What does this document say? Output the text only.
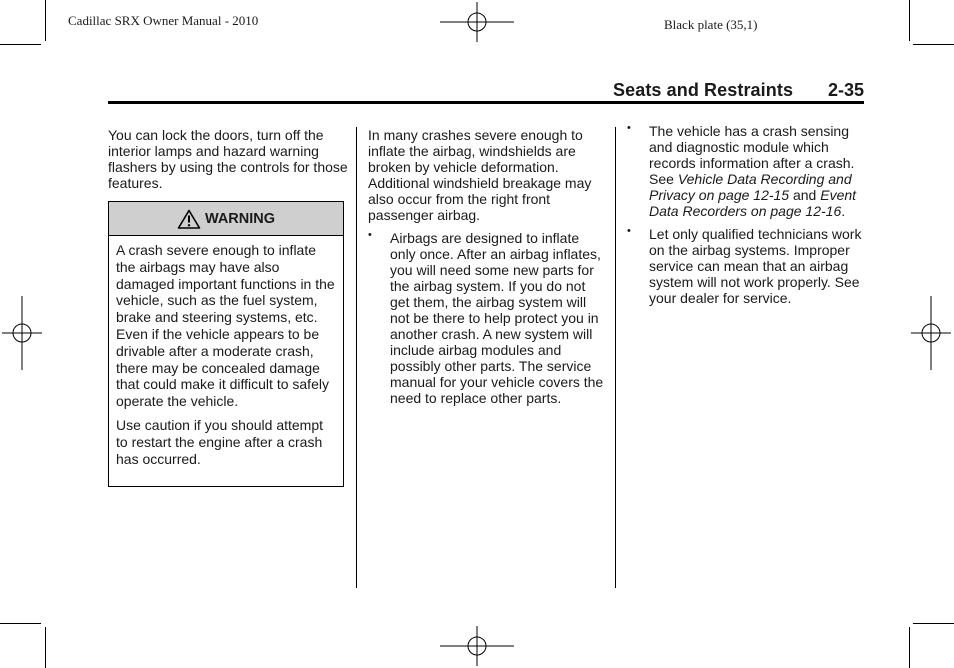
Cadillac SRX Owner Manual - 2010	Black plate (35,1)
Seats and Restraints 2-35

You can lock the doors, turn off the interior lamps and hazard warning flashers by using the controls for those features.

WARNING

A crash severe enough to inflate the airbags may have also damaged important functions in the vehicle, such as the fuel system, brake and steering systems, etc. Even if the vehicle appears to be drivable after a moderate crash, there may be concealed damage that could make it difficult to safely operate the vehicle.

Use caution if you should attempt to restart the engine after a crash has occurred.

In many crashes severe enough to inflate the airbag, windshields are broken by vehicle deformation. Additional windshield breakage may also occur from the right front passenger airbag.

• Airbags are designed to inflate only once. After an airbag inflates, you will need some new parts for the airbag system. If you do not get them, the airbag system will not be there to help protect you in another crash. A new system will include airbag modules and possibly other parts. The service manual for your vehicle covers the need to replace other parts.

• The vehicle has a crash sensing and diagnostic module which records information after a crash. See Vehicle Data Recording and Privacy on page 12-15 and Event Data Recorders on page 12-16.

• Let only qualified technicians work on the airbag systems. Improper service can mean that an airbag system will not work properly. See your dealer for service.
